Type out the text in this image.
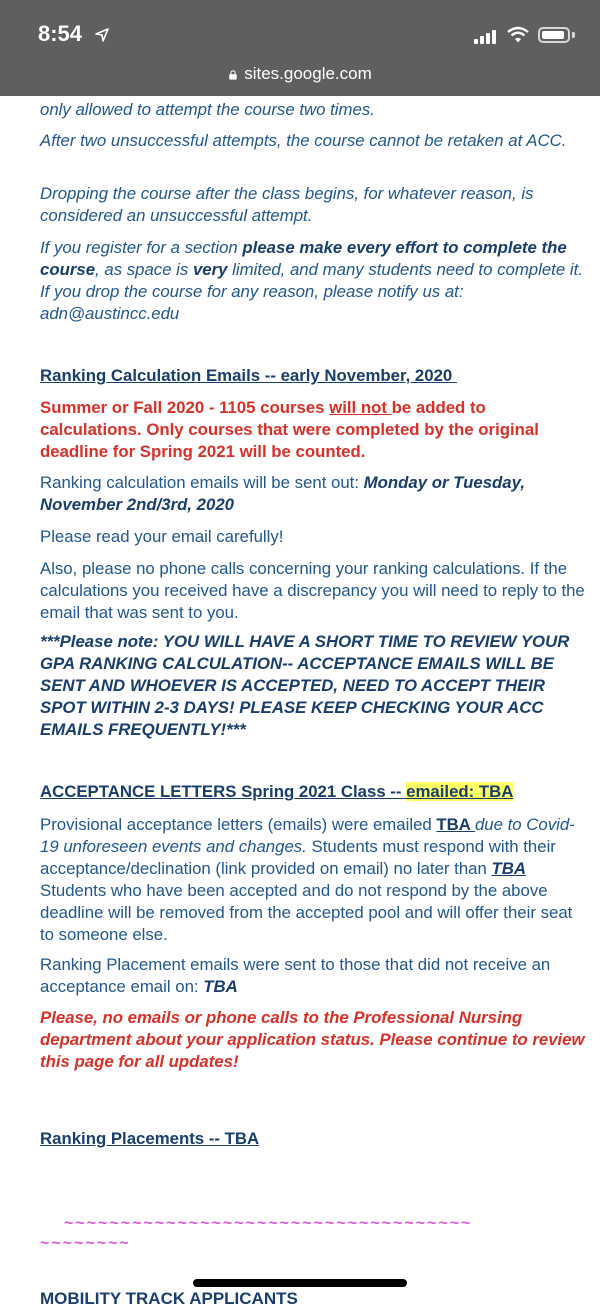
8:54
sites.google.com

only allowed to attempt the course two times.

After two unsuccessful attempts, the course cannot be retaken at ACC.

Dropping the course after the class begins, for whatever reason, is considered an unsuccessful attempt.

If you register for a section please make every effort to complete the course, as space is very limited, and many students need to complete it. If you drop the course for any reason, please notify us at: adn@austincc.edu

Ranking Calculation Emails -- early November, 2020

Summer or Fall 2020 - 1105 courses will not be added to calculations. Only courses that were completed by the original deadline for Spring 2021 will be counted.

Ranking calculation emails will be sent out: Monday or Tuesday, November 2nd/3rd, 2020

Please read your email carefully!

Also, please no phone calls concerning your ranking calculations. If the calculations you received have a discrepancy you will need to reply to the email that was sent to you.

***Please note: YOU WILL HAVE A SHORT TIME TO REVIEW YOUR GPA RANKING CALCULATION-- ACCEPTANCE EMAILS WILL BE SENT AND WHOEVER IS ACCEPTED, NEED TO ACCEPT THEIR SPOT WITHIN 2-3 DAYS! PLEASE KEEP CHECKING YOUR ACC EMAILS FREQUENTLY!***

ACCEPTANCE LETTERS Spring 2021 Class -- emailed: TBA

Provisional acceptance letters (emails) were emailed TBA due to Covid-19 unforeseen events and changes. Students must respond with their acceptance/declination (link provided on email) no later than TBA Students who have been accepted and do not respond by the above deadline will be removed from the accepted pool and will offer their seat to someone else.

Ranking Placement emails were sent to those that did not receive an acceptance email on: TBA

Please, no emails or phone calls to the Professional Nursing department about your application status. Please continue to review this page for all updates!

Ranking Placements -- TBA

~~~~~~~~~~~~~~~~~~~~~~~~~~~~~~~~~~~~

~~~~~~~~

MOBILITY TRACK APPLICANTS
